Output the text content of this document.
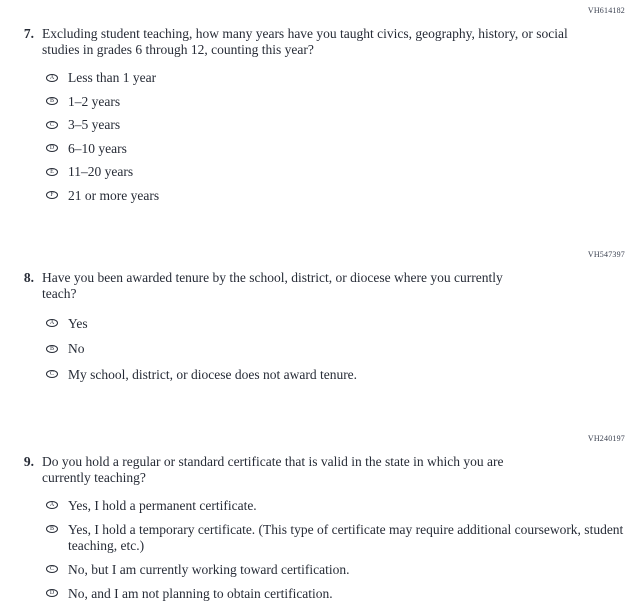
VH614182
7. Excluding student teaching, how many years have you taught civics, geography, history, or social studies in grades 6 through 12, counting this year?
A Less than 1 year
B 1–2 years
C 3–5 years
D 6–10 years
E 11–20 years
F 21 or more years
VH547397
8. Have you been awarded tenure by the school, district, or diocese where you currently teach?
A Yes
B No
C My school, district, or diocese does not award tenure.
VH240197
9. Do you hold a regular or standard certificate that is valid in the state in which you are currently teaching?
A Yes, I hold a permanent certificate.
B Yes, I hold a temporary certificate. (This type of certificate may require additional coursework, student teaching, etc.)
C No, but I am currently working toward certification.
D No, and I am not planning to obtain certification.
